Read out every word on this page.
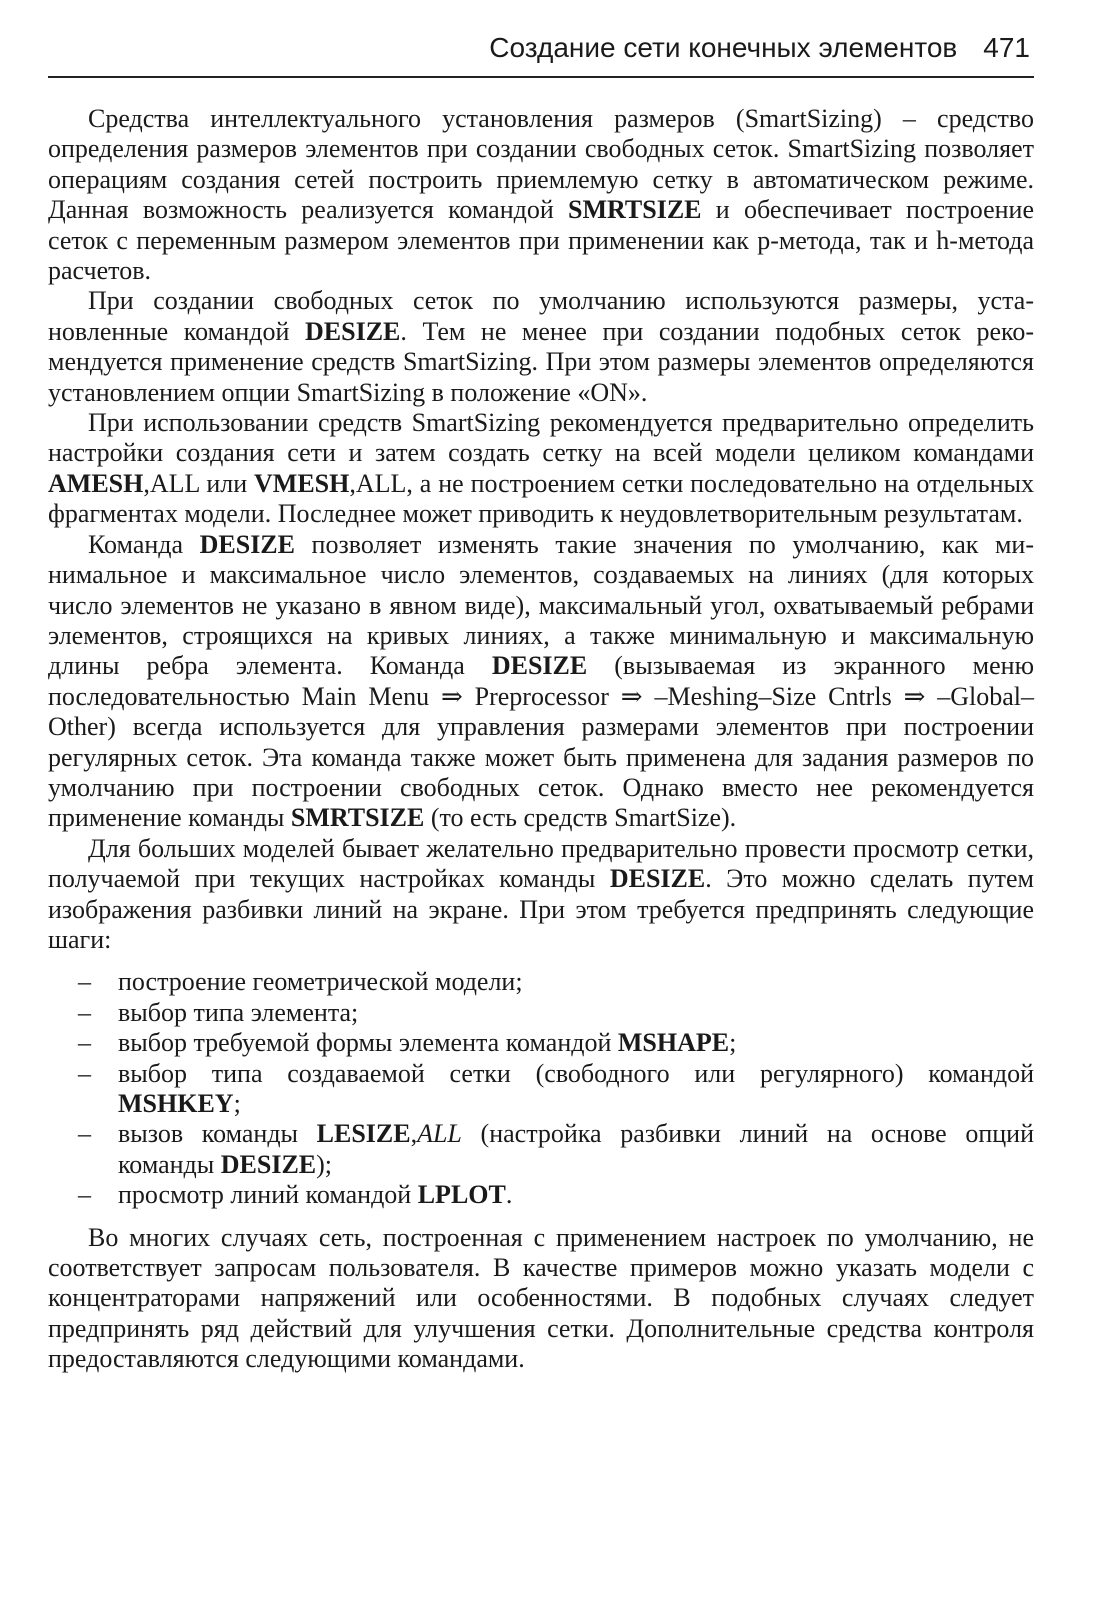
Создание сети конечных элементов 471

Средства интеллектуального установления размеров (SmartSizing) – средство определения размеров элементов при создании свободных сеток. SmartSizing позволяет операциям создания сетей построить приемлемую сетку в автоматическом режиме. Данная возможность реализуется командой SMRTSIZE и обеспечивает построение сеток с переменным размером элементов при применении как p-метода, так и h-метода расчетов.

При создании свободных сеток по умолчанию используются размеры, установленные командой DESIZE. Тем не менее при создании подобных сеток рекомендуется применение средств SmartSizing. При этом размеры элементов определяются установлением опции SmartSizing в положение «ON».

При использовании средств SmartSizing рекомендуется предварительно определить настройки создания сети и затем создать сетку на всей модели целиком командами AMESH,ALL или VMESH,ALL, а не построением сетки последовательно на отдельных фрагментах модели. Последнее может приводить к неудовлетворительным результатам.

Команда DESIZE позволяет изменять такие значения по умолчанию, как минимальное и максимальное число элементов, создаваемых на линиях (для которых число элементов не указано в явном виде), максимальный угол, охватываемый ребрами элементов, строящихся на кривых линиях, а также минимальную и максимальную длины ребра элемента. Команда DESIZE (вызываемая из экранного меню последовательностью Main Menu ⇒ Preprocessor ⇒ –Meshing–Size Cntrls ⇒ –Global–Other) всегда используется для управления размерами элементов при построении регулярных сеток. Эта команда также может быть применена для задания размеров по умолчанию при построении свободных сеток. Однако вместо нее рекомендуется применение команды SMRTSIZE (то есть средств SmartSize).

Для больших моделей бывает желательно предварительно провести просмотр сетки, получаемой при текущих настройках команды DESIZE. Это можно сделать путем изображения разбивки линий на экране. При этом требуется предпринять следующие шаги:

– построение геометрической модели;
– выбор типа элемента;
– выбор требуемой формы элемента командой MSHAPE;
– выбор типа создаваемой сетки (свободного или регулярного) командой MSHKEY;
– вызов команды LESIZE,ALL (настройка разбивки линий на основе опций команды DESIZE);
– просмотр линий командой LPLOT.

Во многих случаях сеть, построенная с применением настроек по умолчанию, не соответствует запросам пользователя. В качестве примеров можно указать модели с концентраторами напряжений или особенностями. В подобных случаях следует предпринять ряд действий для улучшения сетки. Дополнительные средства контроля предоставляются следующими командами.
